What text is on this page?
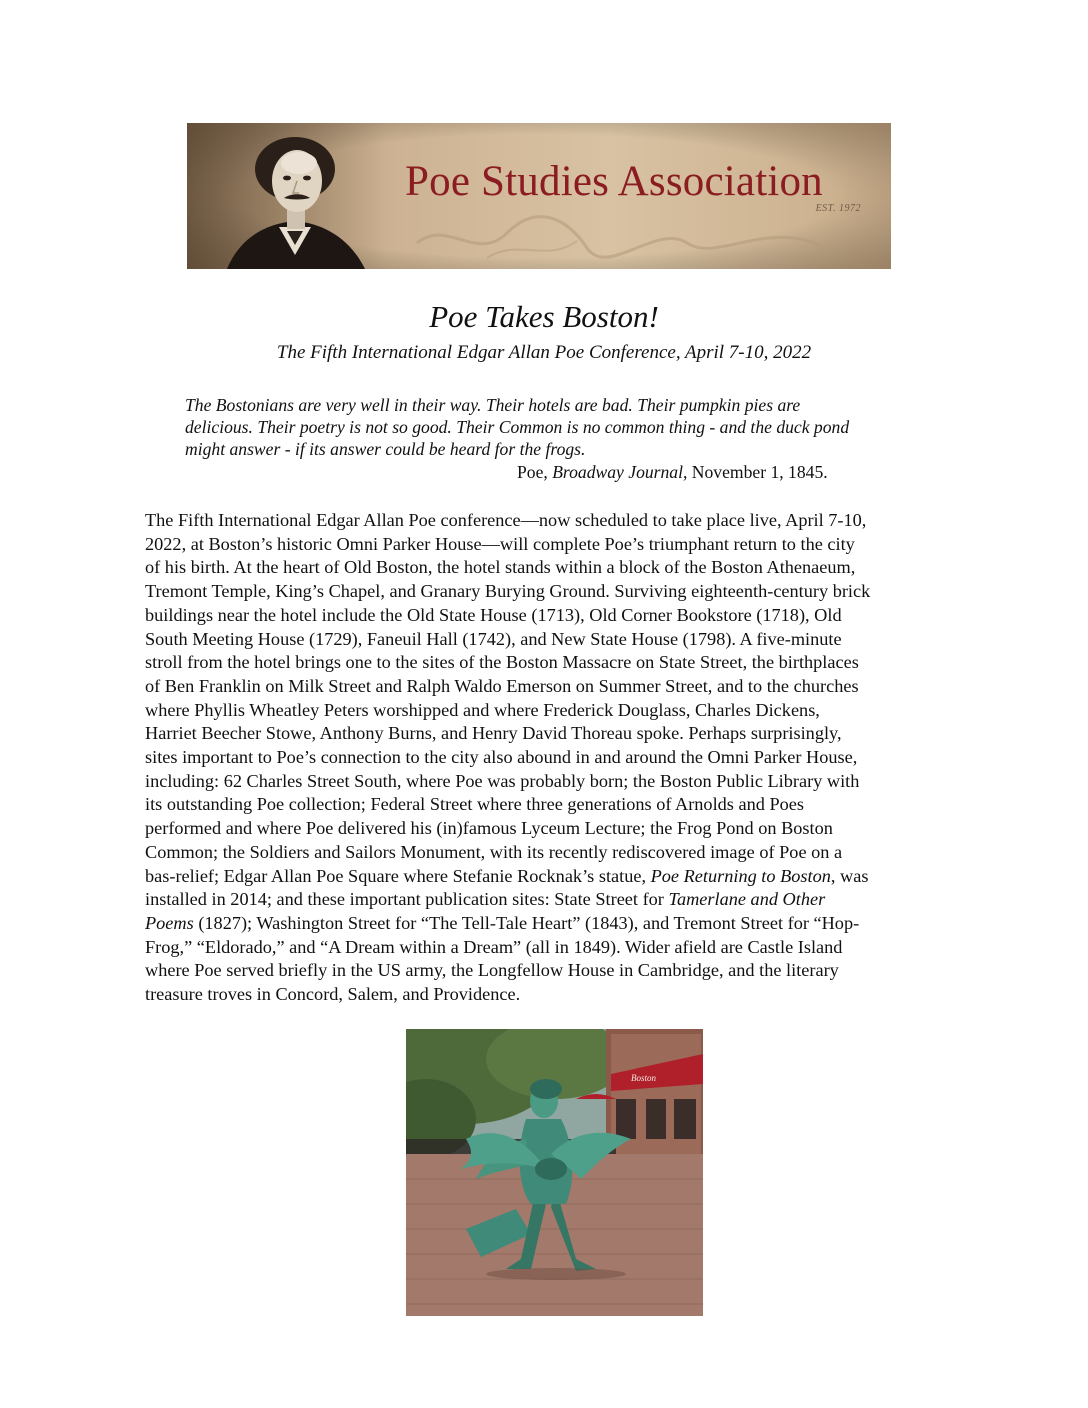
Poe Studies Association
EST. 1972
Poe Takes Boston!
The Fifth International Edgar Allan Poe Conference, April 7-10, 2022
The Bostonians are very well in their way. Their hotels are bad. Their pumpkin pies are
delicious. Their poetry is not so good. Their Common is no common thing - and the duck pond
might answer - if its answer could be heard for the frogs.
Poe, Broadway Journal, November 1, 1845.
The Fifth International Edgar Allan Poe conference—now scheduled to take place live, April 7-10,
2022, at Boston’s historic Omni Parker House—will complete Poe’s triumphant return to the city
of his birth. At the heart of Old Boston, the hotel stands within a block of the Boston Athenaeum,
Tremont Temple, King’s Chapel, and Granary Burying Ground. Surviving eighteenth-century brick
buildings near the hotel include the Old State House (1713), Old Corner Bookstore (1718), Old
South Meeting House (1729), Faneuil Hall (1742), and New State House (1798). A five-minute
stroll from the hotel brings one to the sites of the Boston Massacre on State Street, the birthplaces
of Ben Franklin on Milk Street and Ralph Waldo Emerson on Summer Street, and to the churches
where Phyllis Wheatley Peters worshipped and where Frederick Douglass, Charles Dickens,
Harriet Beecher Stowe, Anthony Burns, and Henry David Thoreau spoke. Perhaps surprisingly,
sites important to Poe’s connection to the city also abound in and around the Omni Parker House,
including: 62 Charles Street South, where Poe was probably born; the Boston Public Library with
its outstanding Poe collection; Federal Street where three generations of Arnolds and Poes
performed and where Poe delivered his (in)famous Lyceum Lecture; the Frog Pond on Boston
Common; the Soldiers and Sailors Monument, with its recently rediscovered image of Poe on a
bas-relief; Edgar Allan Poe Square where Stefanie Rocknak’s statue, Poe Returning to Boston, was
installed in 2014; and these important publication sites: State Street for Tamerlane and Other
Poems (1827); Washington Street for “The Tell-Tale Heart” (1843), and Tremont Street for “Hop-
Frog,” “Eldorado,” and “A Dream within a Dream” (all in 1849). Wider afield are Castle Island
where Poe served briefly in the US army, the Longfellow House in Cambridge, and the literary
treasure troves in Concord, Salem, and Providence.
Boston
